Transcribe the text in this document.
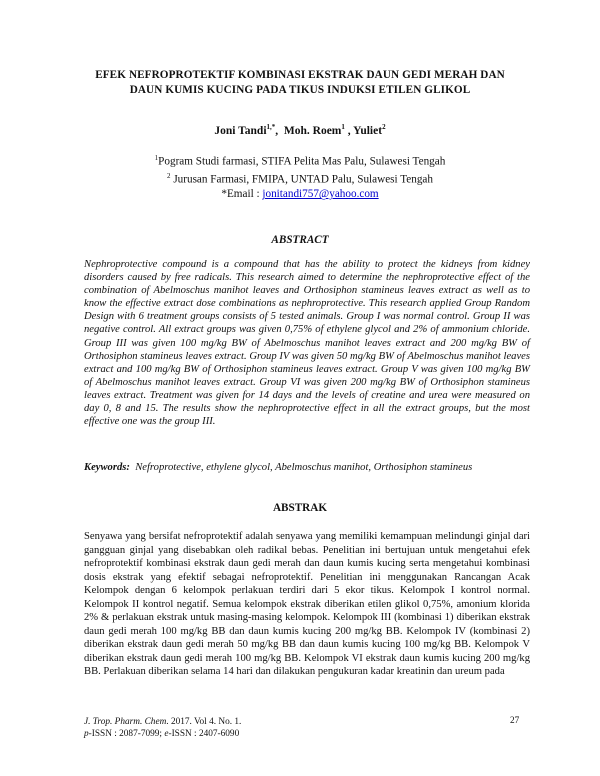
EFEK NEFROPROTEKTIF KOMBINASI EKSTRAK DAUN GEDI MERAH DAN
DAUN KUMIS KUCING PADA TIKUS INDUKSI ETILEN GLIKOL
Joni Tandi$^{1,*}$,  Moh. Roem$^1$ , Yuliet$^2$
$^1$Pogram Studi farmasi, STIFA Pelita Mas Palu, Sulawesi Tengah
$^2$ Jurusan Farmasi, FMIPA, UNTAD Palu, Sulawesi Tengah
*Email : jonitandi757@yahoo.com
ABSTRACT

Nephroprotective compound is a compound that has the ability to protect the kidneys from kidney disorders caused by free radicals. This research aimed to determine the nephroprotective effect of the combination of Abelmoschus manihot leaves and Orthosiphon stamineus leaves extract as well as to know the effective extract dose combinations as nephroprotective. This research applied Group Random Design with 6 treatment groups consists of 5 tested animals. Group I was normal control. Group II was negative control. All extract groups was given 0,75% of ethylene glycol and 2% of ammonium chloride. Group III was given 100 mg/kg BW of Abelmoschus manihot leaves extract and 200 mg/kg BW of Orthosiphon stamineus leaves extract. Group IV was given 50 mg/kg BW of Abelmoschus manihot leaves extract and 100 mg/kg BW of Orthosiphon stamineus leaves extract. Group V was given 100 mg/kg BW of Abelmoschus manihot leaves extract. Group VI was given 200 mg/kg BW of Orthosiphon stamineus leaves extract. Treatment was given for 14 days and the levels of creatine and urea were measured on day 0, 8 and 15. The results show the nephroprotective effect in all the extract groups, but the most effective one was the group III.

Keywords: Nefroprotective, ethylene glycol, Abelmoschus manihot, Orthosiphon stamineus
ABSTRAK

Senyawa yang bersifat nefroprotektif adalah senyawa yang memiliki kemampuan melindungi ginjal dari gangguan ginjal yang disebabkan oleh radikal bebas. Penelitian ini bertujuan untuk mengetahui efek nefroprotektif kombinasi ekstrak daun gedi merah dan daun kumis kucing serta mengetahui kombinasi dosis ekstrak yang efektif sebagai nefroprotektif. Penelitian ini menggunakan Rancangan Acak Kelompok dengan 6 kelompok perlakuan terdiri dari 5 ekor tikus. Kelompok I kontrol normal. Kelompok II kontrol negatif. Semua kelompok ekstrak diberikan etilen glikol 0,75%, amonium klorida 2% & perlakuan ekstrak untuk masing-masing kelompok. Kelompok III (kombinasi 1) diberikan ekstrak daun gedi merah 100 mg/kg BB dan daun kumis kucing 200 mg/kg BB. Kelompok IV (kombinasi 2) diberikan ekstrak daun gedi merah 50 mg/kg BB dan daun kumis kucing 100 mg/kg BB. Kelompok V diberikan ekstrak daun gedi merah 100 mg/kg BB. Kelompok VI ekstrak daun kumis kucing 200 mg/kg BB. Perlakuan diberikan selama 14 hari dan dilakukan pengukuran kadar kreatinin dan ureum pada

J. Trop. Pharm. Chem. 2017. Vol 4. No. 1.
p-ISSN : 2087-7099; e-ISSN : 2407-6090
27
